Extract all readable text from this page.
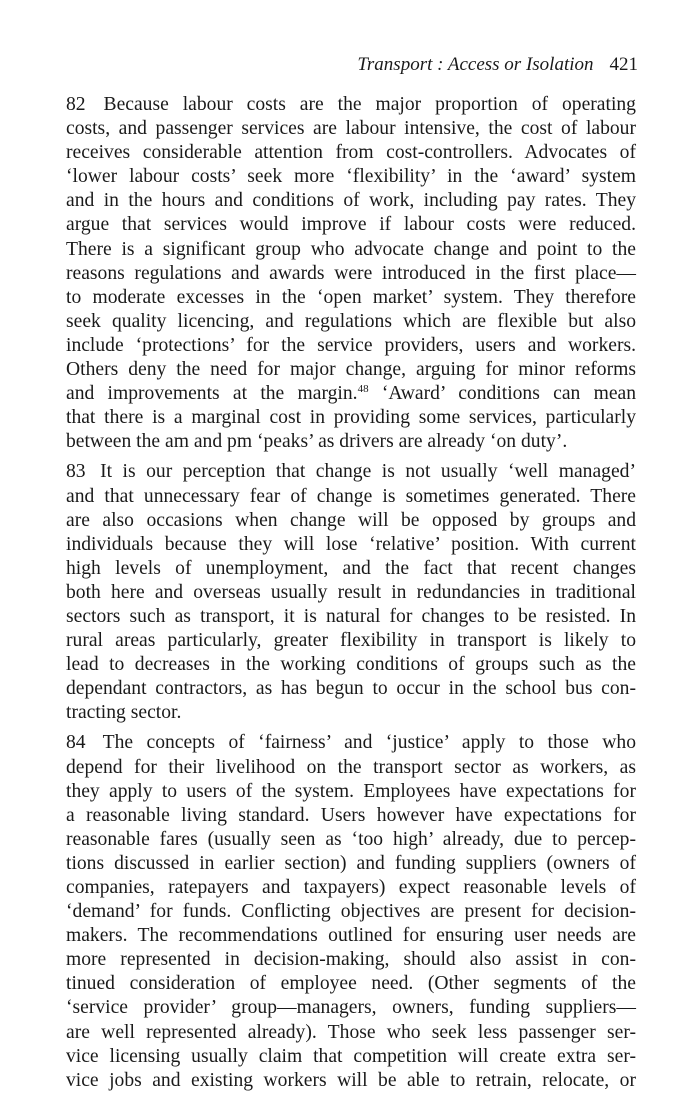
Transport : Access or Isolation 421
82 Because labour costs are the major proportion of operating
costs, and passenger services are labour intensive, the cost of labour
receives considerable attention from cost-controllers. Advocates of
‘lower labour costs’ seek more ‘flexibility’ in the ‘award’ system
and in the hours and conditions of work, including pay rates. They
argue that services would improve if labour costs were reduced.
There is a significant group who advocate change and point to the
reasons regulations and awards were introduced in the first place—
to moderate excesses in the ‘open market’ system. They therefore
seek quality licencing, and regulations which are flexible but also
include ‘protections’ for the service providers, users and workers.
Others deny the need for major change, arguing for minor reforms
and improvements at the margin.$^{48}$ ‘Award’ conditions can mean
that there is a marginal cost in providing some services, particularly
between the am and pm ‘peaks’ as drivers are already ‘on duty’.
83 It is our perception that change is not usually ‘well managed’
and that unnecessary fear of change is sometimes generated. There
are also occasions when change will be opposed by groups and
individuals because they will lose ‘relative’ position. With current
high levels of unemployment, and the fact that recent changes
both here and overseas usually result in redundancies in traditional
sectors such as transport, it is natural for changes to be resisted. In
rural areas particularly, greater flexibility in transport is likely to
lead to decreases in the working conditions of groups such as the
dependant contractors, as has begun to occur in the school bus con-
tracting sector.
84 The concepts of ‘fairness’ and ‘justice’ apply to those who
depend for their livelihood on the transport sector as workers, as
they apply to users of the system. Employees have expectations for
a reasonable living standard. Users however have expectations for
reasonable fares (usually seen as ‘too high’ already, due to percep-
tions discussed in earlier section) and funding suppliers (owners of
companies, ratepayers and taxpayers) expect reasonable levels of
‘demand’ for funds. Conflicting objectives are present for decision-
makers. The recommendations outlined for ensuring user needs are
more represented in decision-making, should also assist in con-
tinued consideration of employee need. (Other segments of the
‘service provider’ group—managers, owners, funding suppliers—
are well represented already). Those who seek less passenger ser-
vice licensing usually claim that competition will create extra ser-
vice jobs and existing workers will be able to retrain, relocate, or
